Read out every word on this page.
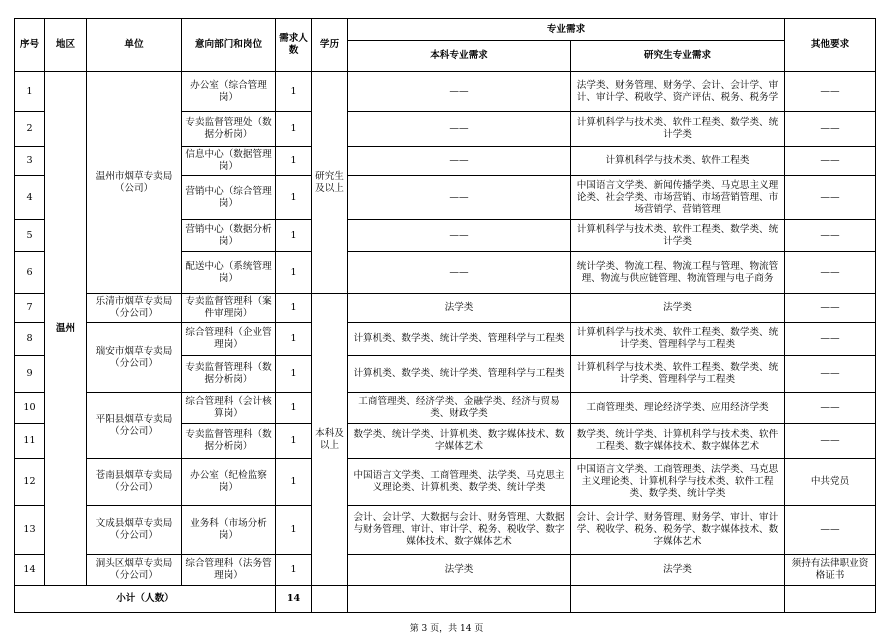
序号	地区	单位	意向部门和岗位	需求人数	学历	专业需求		其他要求
						本科专业需求	研究生专业需求	
1	温州	温州市烟草专卖局（公司）	办公室（综合管理岗）	1	研究生及以上	——	法学类、财务管理、财务学、会计、会计学、审计、审计学、税收学、资产评估、税务、税务学	——
2			专卖监督管理处（数据分析岗）	1		——	计算机科学与技术类、软件工程类、数学类、统计学类	——
3			信息中心（数据管理岗）	1		——	计算机科学与技术类、软件工程类	——
4			营销中心（综合管理岗）	1		——	中国语言文学类、新闻传播学类、马克思主义理论类、社会学类、市场营销、市场营销管理、市场营销学、营销管理	——
5			营销中心（数据分析岗）	1		——	计算机科学与技术类、软件工程类、数学类、统计学类	——
6			配送中心（系统管理岗）	1		——	统计学类、物流工程、物流工程与管理、物流管理、物流与供应链管理、物流管理与电子商务	——
7		乐清市烟草专卖局（分公司）	专卖监督管理科（案件审理岗）	1	本科及以上	法学类	法学类	——
8		瑞安市烟草专卖局（分公司）	综合管理科（企业管理岗）	1		计算机类、数学类、统计学类、管理科学与工程类	计算机科学与技术类、软件工程类、数学类、统计学类、管理科学与工程类	——
9			专卖监督管理科（数据分析岗）	1		计算机类、数学类、统计学类、管理科学与工程类	计算机科学与技术类、软件工程类、数学类、统计学类、管理科学与工程类	——
10		平阳县烟草专卖局（分公司）	综合管理科（会计核算岗）	1		工商管理类、经济学类、金融学类、经济与贸易类、财政学类	工商管理类、理论经济学类、应用经济学类	——
11			专卖监督管理科（数据分析岗）	1		数学类、统计学类、计算机类、数字媒体技术、数字媒体艺术	数学类、统计学类、计算机科学与技术类、软件工程类、数字媒体技术、数字媒体艺术	——
12		苍南县烟草专卖局（分公司）	办公室（纪检监察岗）	1		中国语言文学类、工商管理类、法学类、马克思主义理论类、计算机类、数学类、统计学类	中国语言文学类、工商管理类、法学类、马克思主义理论类、计算机科学与技术类、软件工程类、数学类、统计学类	中共党员
13		文成县烟草专卖局（分公司）	业务科（市场分析岗）	1		会计、会计学、大数据与会计、财务管理、大数据与财务管理、审计、审计学、税务、税收学、数字媒体技术、数字媒体艺术	会计、会计学、财务管理、财务学、审计、审计学、税收学、税务、税务学、数字媒体技术、数字媒体艺术	——
14		洞头区烟草专卖局（分公司）	综合管理科（法务管理岗）	1		法学类	法学类	须持有法律职业资格证书
小计（人数）				14				
第 3 页，共 14 页
